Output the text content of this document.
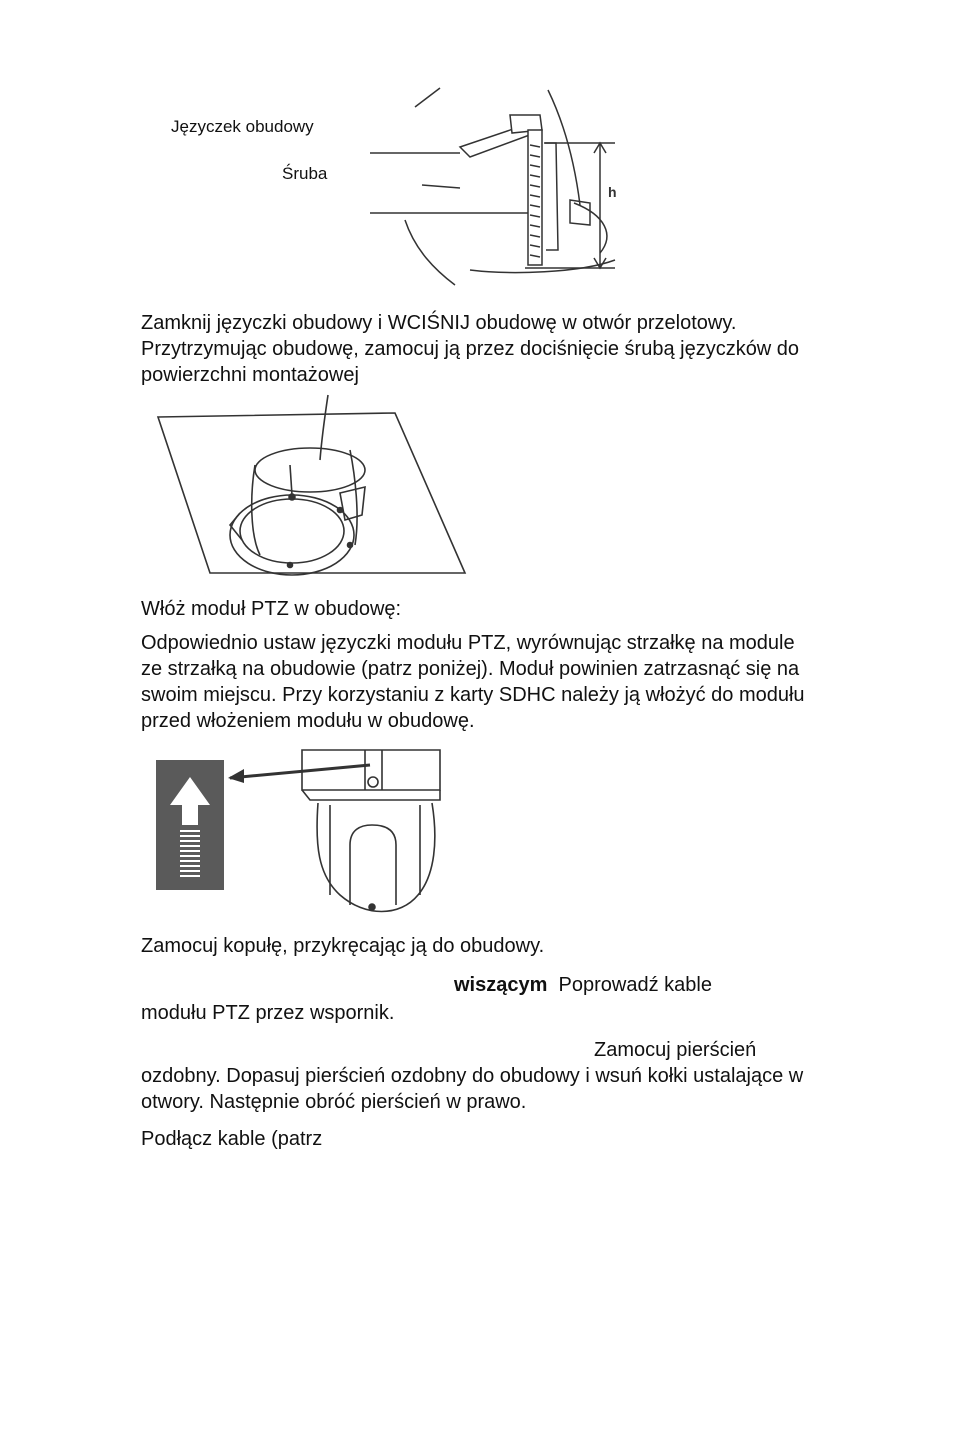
Języczek obudowy
Śruba
h
Zamknij języczki obudowy i WCIŚNIJ obudowę w otwór przelotowy. Przytrzymując obudowę, zamocuj ją przez dociśnięcie śrubą języczków do powierzchni montażowej
Włóż moduł PTZ w obudowę:
Odpowiednio ustaw języczki modułu PTZ, wyrównując strzałkę na module ze strzałką na obudowie (patrz poniżej). Moduł powinien zatrzasnąć się na swoim miejscu. Przy korzystaniu z karty SDHC należy ją włożyć do modułu przed włożeniem modułu w obudowę.
Zamocuj kopułę, przykręcając ją do obudowy.
wiszącym Poprowadź kable
modułu PTZ przez wspornik.
Zamocuj pierścień
ozdobny. Dopasuj pierścień ozdobny do obudowy i wsuń kołki ustalające w otwory. Następnie obróć pierścień w prawo.
Podłącz kable (patrz
